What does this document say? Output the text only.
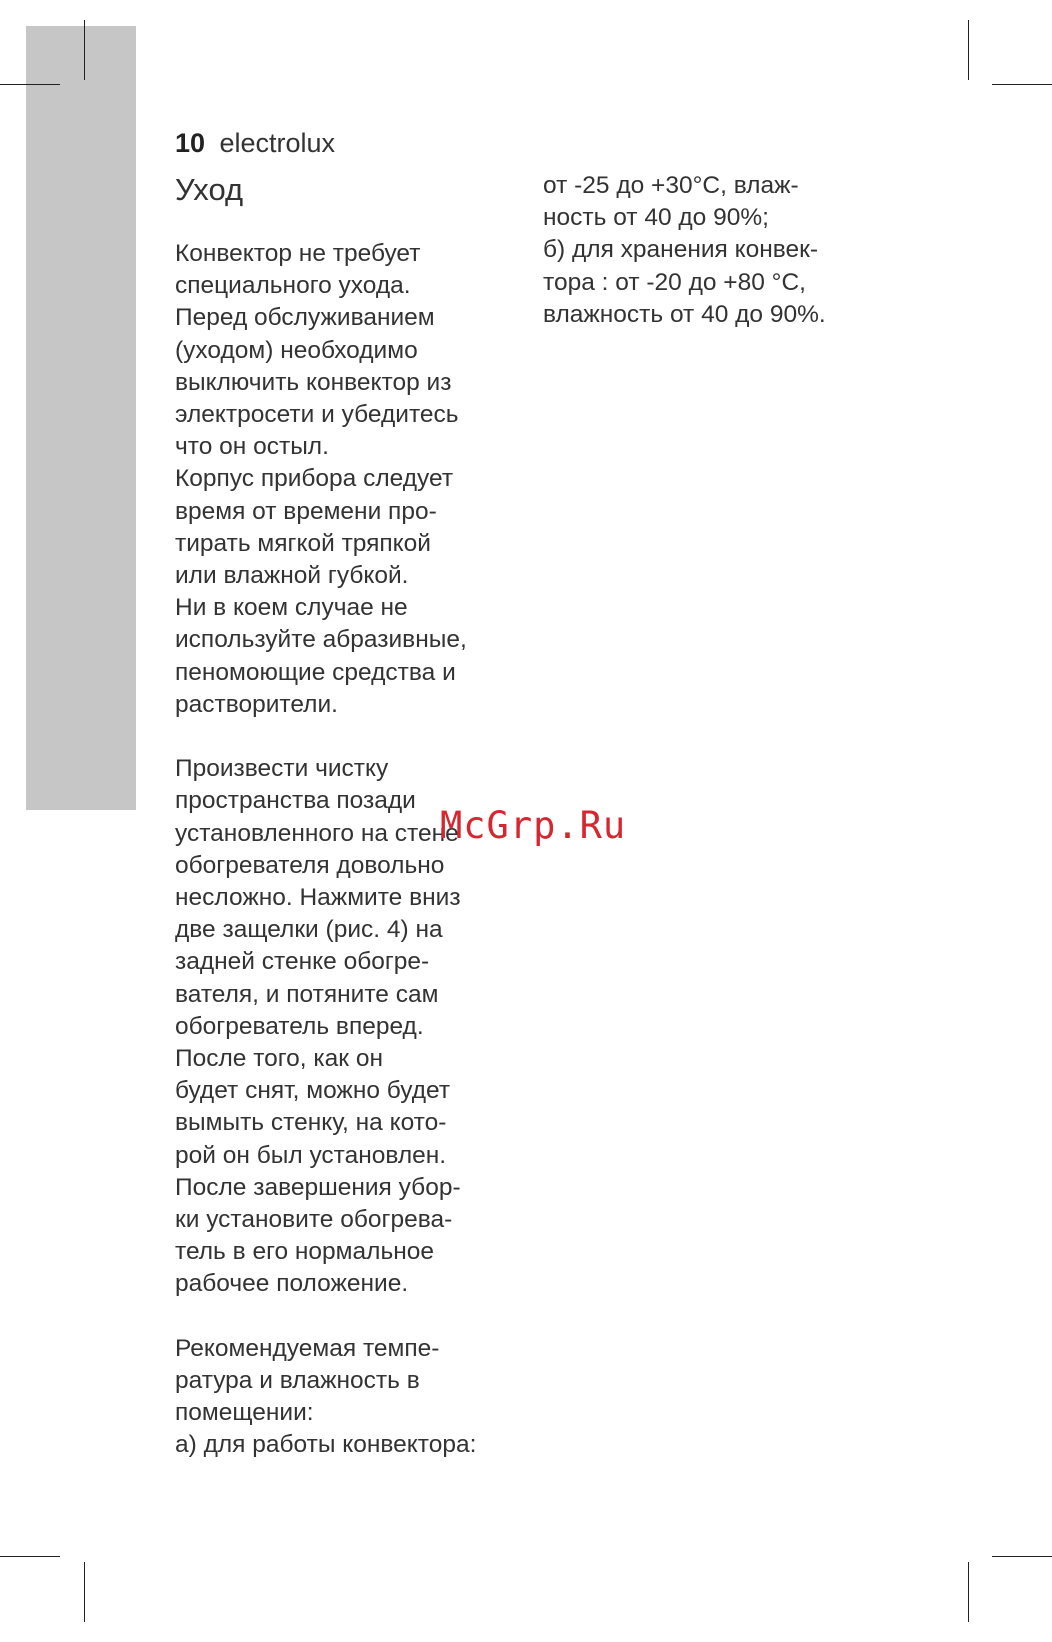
10 electrolux
Уход

Конвектор не требует

специального ухода.

Перед обслуживанием

(уходом) необходимо

выключить конвектор из

электросети и убедитесь

что он остыл.

Корпус прибора следует

время от времени про-

тирать мягкой тряпкой

или влажной губкой.

Ни в коем случае не

используйте абразивные,

пеномоющие средства и

растворители.

Произвести чистку

пространства позади

установленного на стене

обогревателя довольно

несложно. Нажмите вниз

две защелки (рис. 4) на

задней стенке обогре-

вателя, и потяните сам

обогреватель вперед.

После того, как он

будет снят, можно будет

вымыть стенку, на кото-

рой он был установлен.

После завершения убор-

ки установите обогрева-

тель в его нормальное

рабочее положение.

Рекомендуемая темпе-

ратура и влажность в

помещении:

а) для работы конвектора:

от -25 до +30°C, влаж-

ность от 40 до 90%;

б) для хранения конвек-

тора : от -20 до +80 °C,

влажность от 40 до 90%.

McGrp.Ru
